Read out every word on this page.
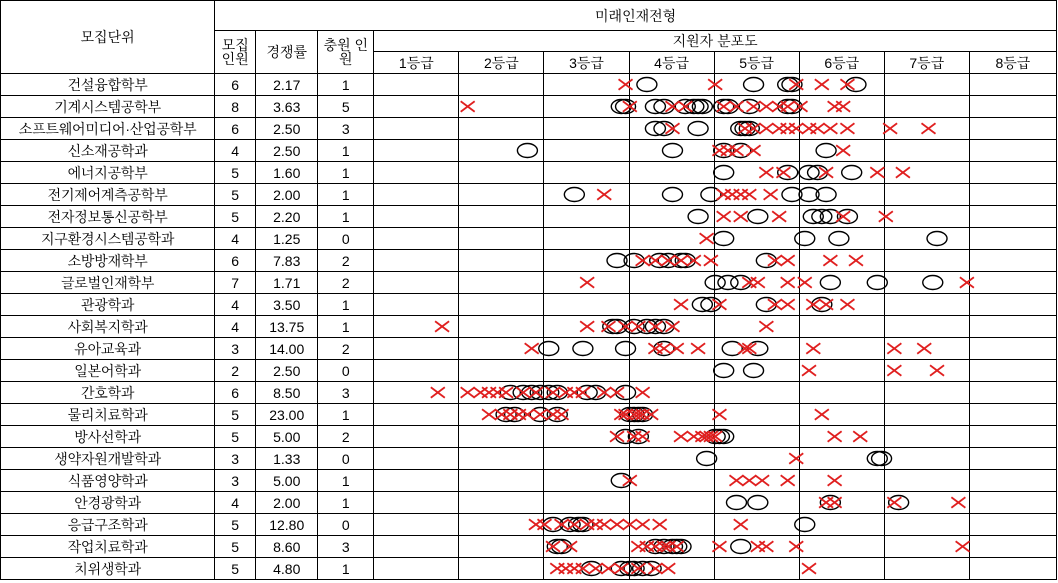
모집단위	미래인재전형										
	모집 인원	경쟁률	충원 인원	지원자 분포도							
				1등급	2등급	3등급	4등급	5등급	6등급	7등급	8등급
건설융합학부	6	2.17	1								
기계시스템공학부	8	3.63	5								
소프트웨어미디어·산업공학부	6	2.50	3								
신소재공학과	4	2.50	1								
에너지공학부	5	1.60	1								
전기제어계측공학부	5	2.00	1								
전자정보통신공학부	5	2.20	1								
지구환경시스템공학과	4	1.25	0								
소방방재학부	6	7.83	2								
글로벌인재학부	7	1.71	2								
관광학과	4	3.50	1								
사회복지학과	4	13.75	1								
유아교육과	3	14.00	2								
일본어학과	2	2.50	0								
간호학과	6	8.50	3								
물리치료학과	5	23.00	1								
방사선학과	5	5.00	2								
생약자원개발학과	3	1.33	0								
식품영양학과	3	5.00	1								
안경광학과	4	2.00	1								
응급구조학과	5	12.80	0								
작업치료학과	5	8.60	3								
치위생학과	5	4.80	1								
